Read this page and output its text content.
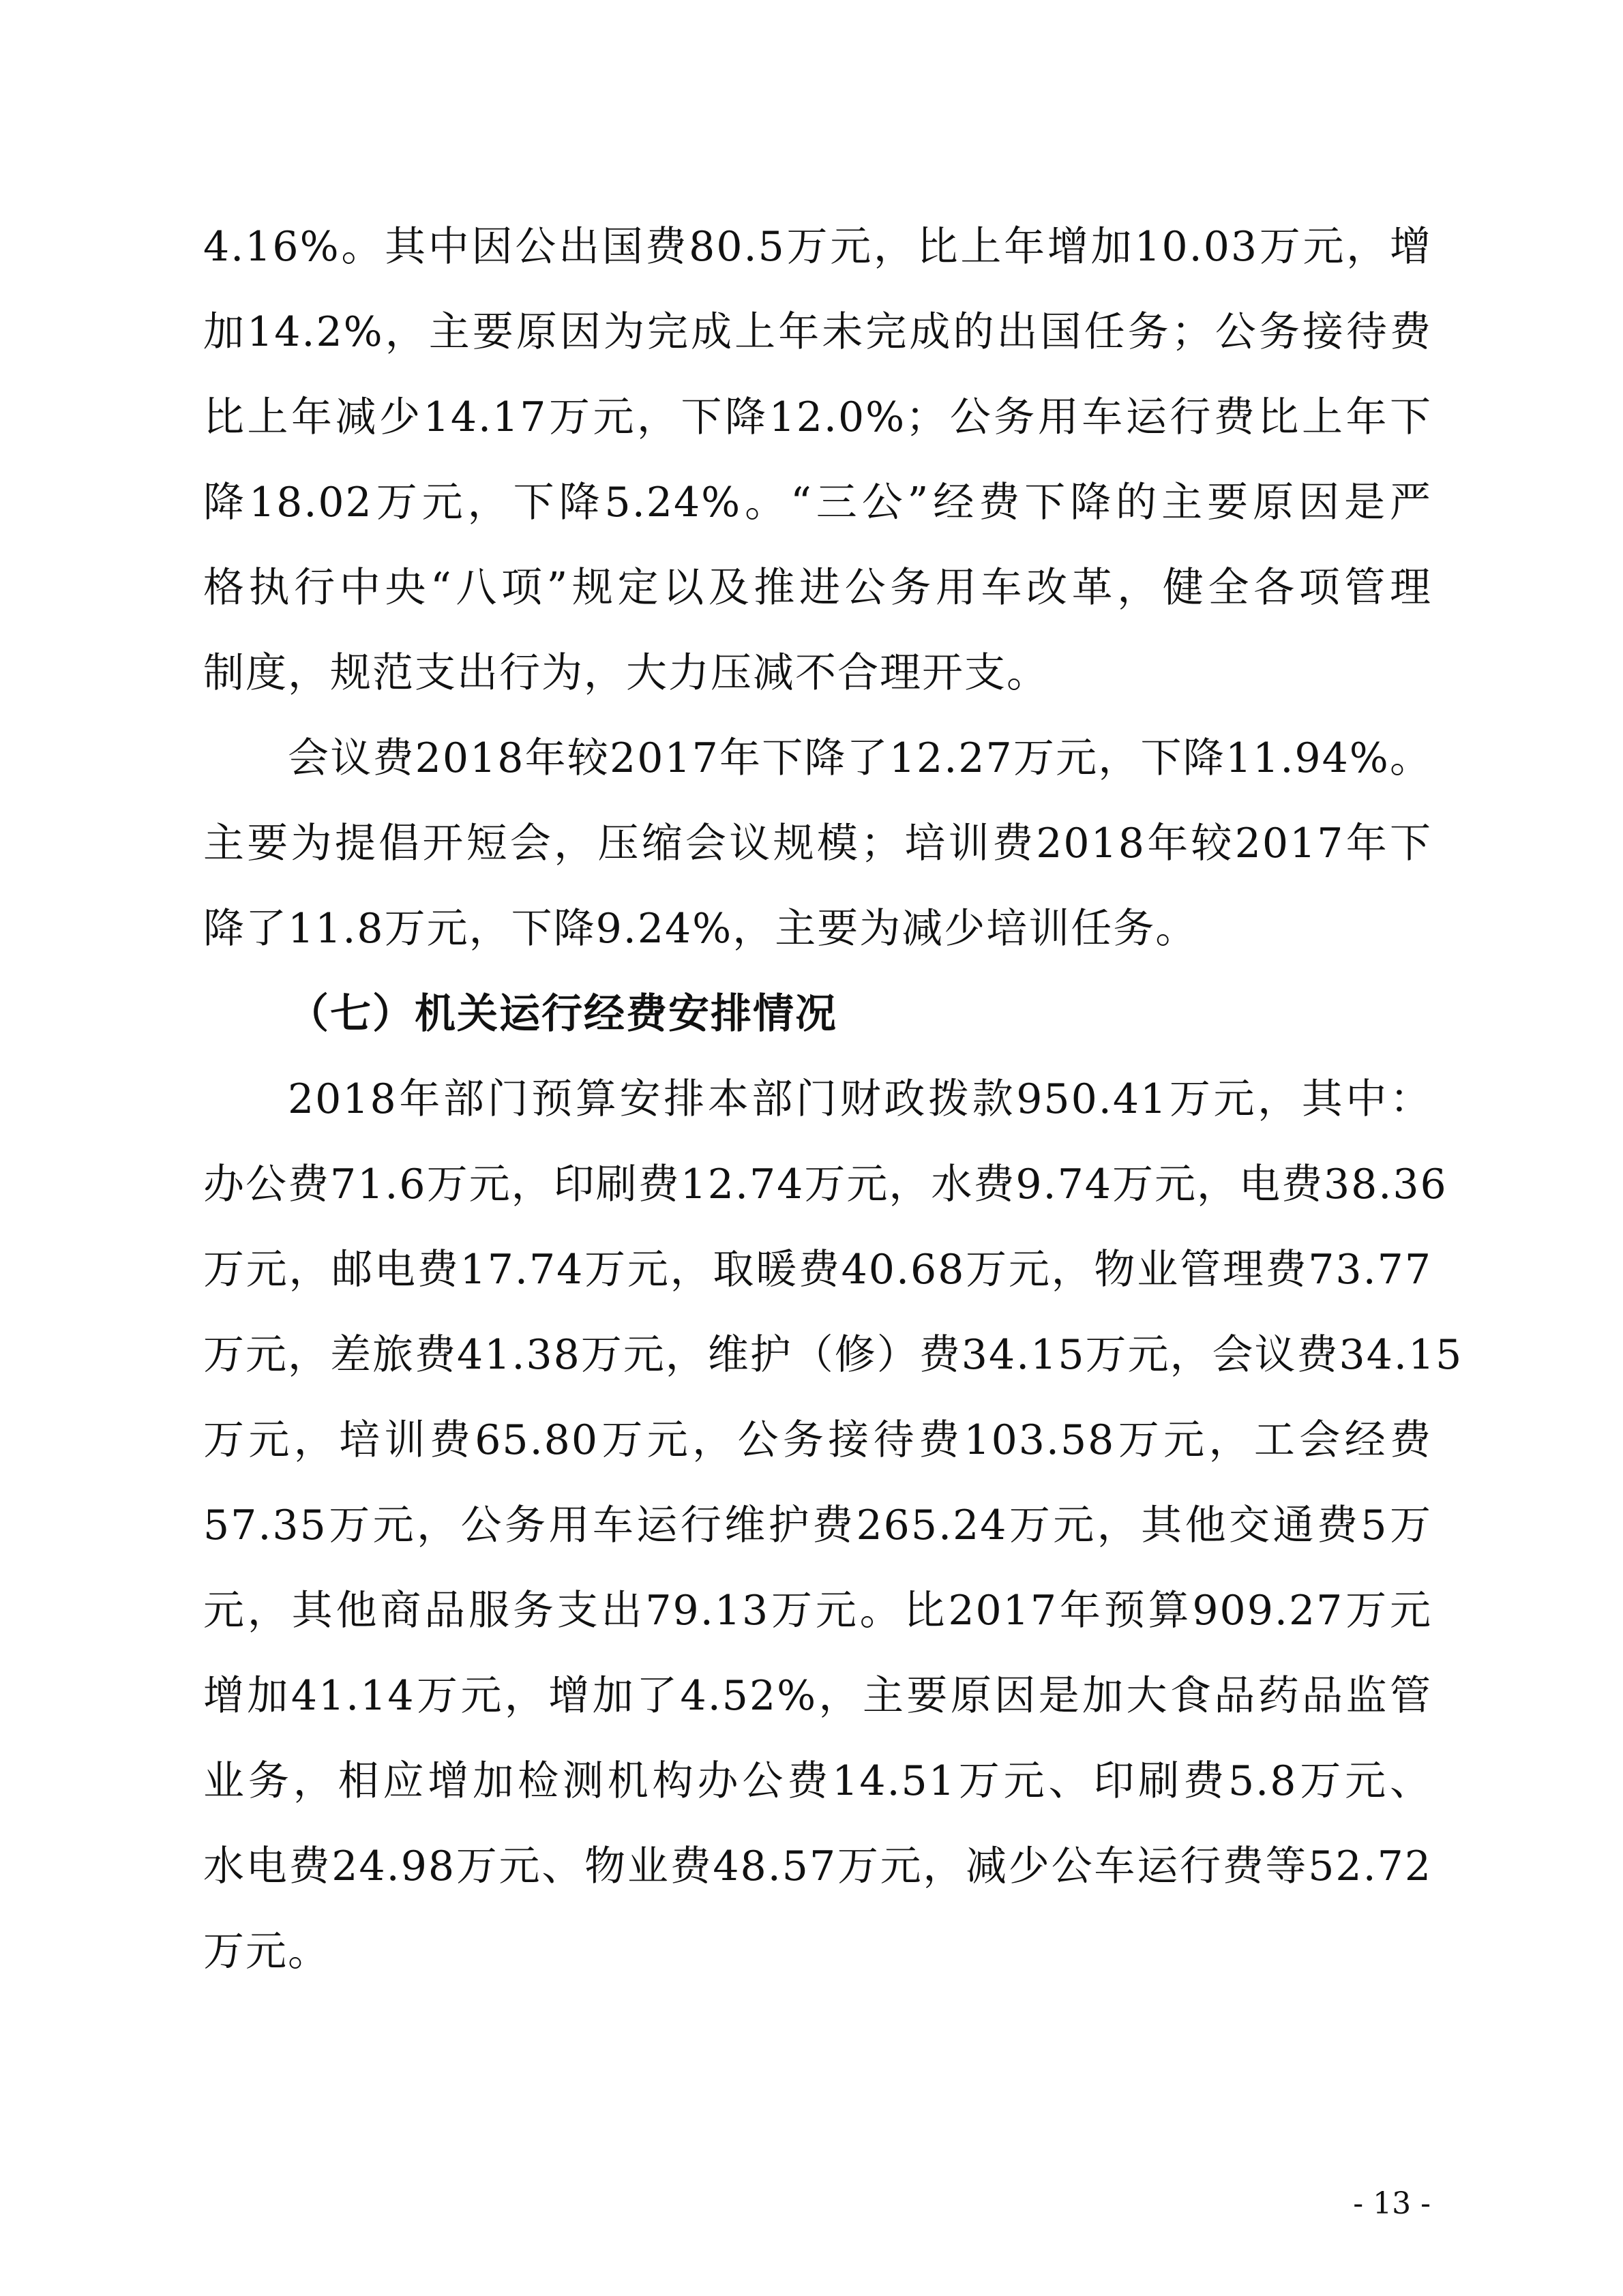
4.16%。其中因公出国费80.5万元，比上年增加10.03万元，增
加14.2%，主要原因为完成上年未完成的出国任务；公务接待费
比上年减少14.17万元，下降12.0%；公务用车运行费比上年下
降18.02万元，下降5.24%。“三公”经费下降的主要原因是严
格执行中央“八项”规定以及推进公务用车改革，健全各项管理
制度，规范支出行为，大力压减不合理开支。
会议费2018年较2017年下降了12.27万元，下降11.94%。
主要为提倡开短会，压缩会议规模；培训费2018年较2017年下
降了11.8万元，下降9.24%，主要为减少培训任务。
（七）机关运行经费安排情况
2018年部门预算安排本部门财政拨款950.41万元，其中：
办公费71.6万元，印刷费12.74万元，水费9.74万元，电费38.36
万元，邮电费17.74万元，取暖费40.68万元，物业管理费73.77
万元，差旅费41.38万元，维护（修）费34.15万元，会议费34.15
万元，培训费65.80万元，公务接待费103.58万元，工会经费
57.35万元，公务用车运行维护费265.24万元，其他交通费5万
元，其他商品服务支出79.13万元。比2017年预算909.27万元
增加41.14万元，增加了4.52%，主要原因是加大食品药品监管
业务，相应增加检测机构办公费14.51万元、印刷费5.8万元、
水电费24.98万元、物业费48.57万元，减少公车运行费等52.72
万元。
- 13 -
